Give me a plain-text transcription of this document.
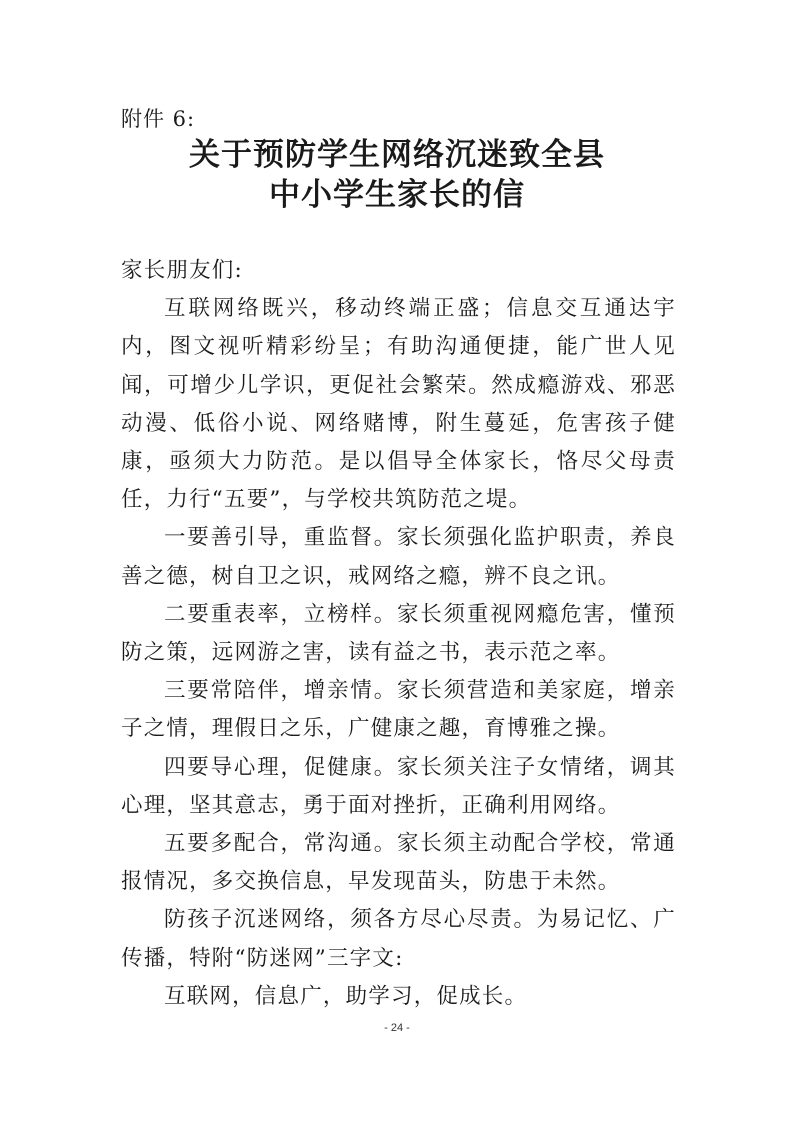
附件 6:
关于预防学生网络沉迷致全县
中小学生家长的信

家长朋友们:

互联网络既兴，移动终端正盛；信息交互通达宇内，图文视听精彩纷呈；有助沟通便捷，能广世人见闻，可增少儿学识，更促社会繁荣。然成瘾游戏、邪恶动漫、低俗小说、网络赌博，附生蔓延，危害孩子健康，亟须大力防范。是以倡导全体家长，恪尽父母责任，力行“五要”，与学校共筑防范之堤。

一要善引导，重监督。家长须强化监护职责，养良善之德，树自卫之识，戒网络之瘾，辨不良之讯。

二要重表率，立榜样。家长须重视网瘾危害，懂预防之策，远网游之害，读有益之书，表示范之率。

三要常陪伴，增亲情。家长须营造和美家庭，增亲子之情，理假日之乐，广健康之趣，育博雅之操。

四要导心理，促健康。家长须关注子女情绪，调其心理，坚其意志，勇于面对挫折，正确利用网络。

五要多配合，常沟通。家长须主动配合学校，常通报情况，多交换信息，早发现苗头，防患于未然。

防孩子沉迷网络，须各方尽心尽责。为易记忆、广传播，特附“防迷网”三字文:

互联网，信息广，助学习，促成长。

- 24 -
